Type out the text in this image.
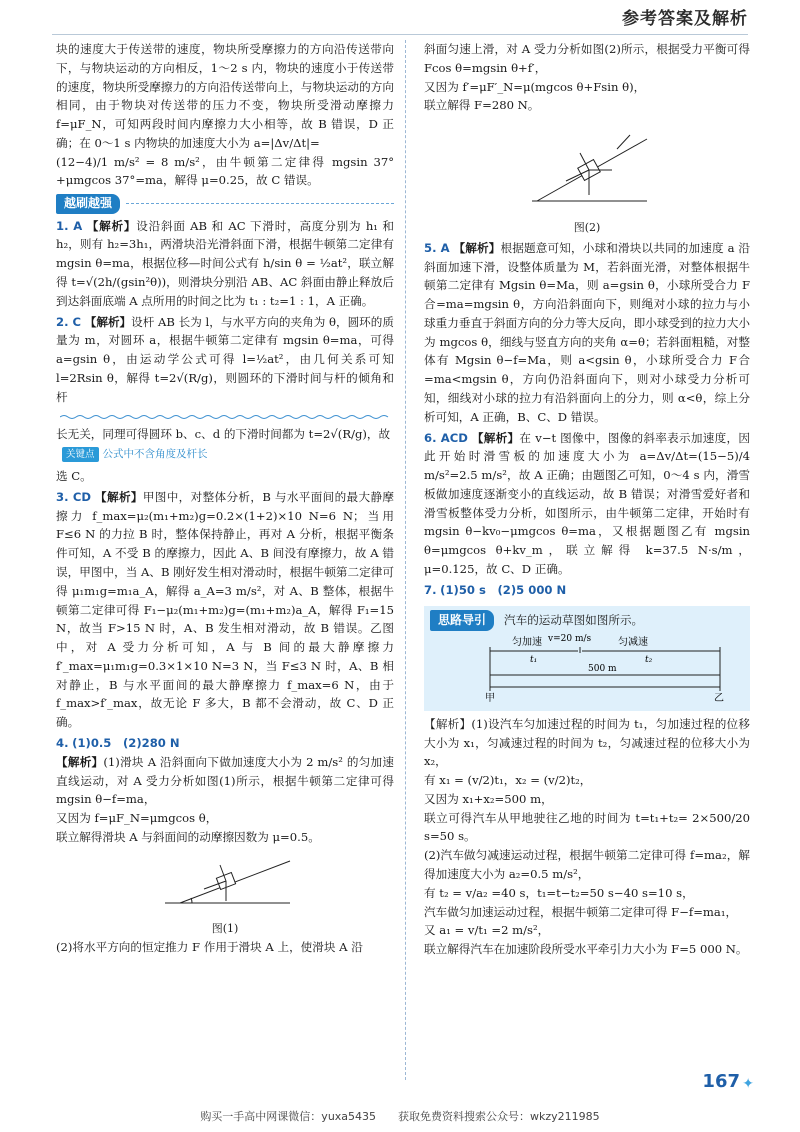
参考答案及解析

块的速度大于传送带的速度，物块所受摩擦力的方向沿传送带向下，与物块运动的方向相反，1～2 s 内，物块的速度小于传送带的速度，物块所受摩擦力的方向沿传送带向上，与物块运动的方向相同，由于物块对传送带的压力不变，物块所受滑动摩擦力 f=μF_N，可知两段时间内摩擦力大小相等，故 B 错误，D 正确；在 0～1 s 内物块的加速度大小为 a=|Δv/Δt|=

(12−4)/1 m/s² = 8 m/s²，由牛顿第二定律得 mgsin 37°+μmgcos 37°=ma，解得 μ=0.25，故 C 错误。

越刷越强

1. A 【解析】设沿斜面 AB 和 AC 下滑时，高度分别为 h₁ 和 h₂，则有 h₂=3h₁，两滑块沿光滑斜面下滑，根据牛顿第二定律有 mgsin θ=ma，根据位移—时间公式有 h/sin θ = ½at²，联立解得 t=√(2h/(gsin²θ))，则滑块分别沿 AB、AC 斜面由静止释放后到达斜面底端 A 点所用的时间之比为 t₁ : t₂=1 : 1，A 正确。

2. C 【解析】设杆 AB 长为 l，与水平方向的夹角为 θ，圆环的质量为 m，对圆环 a，根据牛顿第二定律有 mgsin θ=ma，可得 a=gsin θ，由运动学公式可得 l=½at²，由几何关系可知 l=2Rsin θ，解得 t=2√(R/g)，则圆环的下滑时间与杆的倾角和杆

长无关，同理可得圆环 b、c、d 的下滑时间都为 t=2√(R/g)，故

关键点 公式中不含角度及杆长

选 C。

3. CD 【解析】甲图中，对整体分析，B 与水平面间的最大静摩擦力 f_max=μ₂(m₁+m₂)g=0.2×(1+2)×10 N=6 N；当用 F≤6 N 的力拉 B 时，整体保持静止，再对 A 分析，根据平衡条件可知，A 不受 B 的摩擦力，因此 A、B 间没有摩擦力，故 A 错误，甲图中，当 A、B 刚好发生相对滑动时，根据牛顿第二定律可得 μ₁m₁g=m₁a_A，解得 a_A=3 m/s²，对 A、B 整体，根据牛顿第二定律可得 F₁−μ₂(m₁+m₂)g=(m₁+m₂)a_A，解得 F₁=15 N，故当 F>15 N 时，A、B 发生相对滑动，故 B 错误。乙图中，对 A 受力分析可知，A 与 B 间的最大静摩擦力 f′_max=μ₁m₁g=0.3×1×10 N=3 N，当 F≤3 N 时，A、B 相对静止，B 与水平面间的最大静摩擦力 f_max=6 N，由于 f_max>f′_max，故无论 F 多大，B 都不会滑动，故 C、D 正确。

4. (1)0.5　(2)280 N

【解析】(1)滑块 A 沿斜面向下做加速度大小为 2 m/s² 的匀加速直线运动，对 A 受力分析如图(1)所示，根据牛顿第二定律可得 mgsin θ−f=ma，

又因为 f=μF_N=μmgcos θ，

联立解得滑块 A 与斜面间的动摩擦因数为 μ=0.5。

图(1)

(2)将水平方向的恒定推力 F 作用于滑块 A 上，使滑块 A 沿

斜面匀速上滑，对 A 受力分析如图(2)所示，根据受力平衡可得 Fcos θ=mgsin θ+f′，

又因为 f′=μF′_N=μ(mgcos θ+Fsin θ)，

联立解得 F=280 N。

图(2)

5. A 【解析】根据题意可知，小球和滑块以共同的加速度 a 沿斜面加速下滑，设整体质量为 M，若斜面光滑，对整体根据牛顿第二定律有 Mgsin θ=Ma，则 a=gsin θ，小球所受合力 F合=ma=mgsin θ，方向沿斜面向下，则绳对小球的拉力与小球重力垂直于斜面方向的分力等大反向，即小球受到的拉力大小为 mgcos θ，细线与竖直方向的夹角 α=θ；若斜面粗糙，对整体有 Mgsin θ−f=Ma，则 a<gsin θ，小球所受合力 F合=ma<mgsin θ，方向仍沿斜面向下，则对小球受力分析可知，细线对小球的拉力有沿斜面向上的分力，则 α<θ，综上分析可知，A 正确，B、C、D 错误。

6. ACD 【解析】在 v−t 图像中，图像的斜率表示加速度，因此开始时滑雪板的加速度大小为 a=Δv/Δt=(15−5)/4 m/s²=2.5 m/s²，故 A 正确；由题图乙可知，0～4 s 内，滑雪板做加速度逐渐变小的直线运动，故 B 错误；对滑雪爱好者和滑雪板整体受力分析，如图所示，由牛顿第二定律，开始时有 mgsin θ−kv₀−μmgcos θ=ma，又根据题图乙有 mgsin θ=μmgcos θ+kv_m，联立解得 k=37.5 N·s/m，μ=0.125，故 C、D 正确。

7. (1)50 s　(2)5 000 N

思路导引	汽车的运动草图如图所示。
匀加速 v=20 m/s	匀减速
t₁	t₂
500 m
甲	乙

【解析】(1)设汽车匀加速过程的时间为 t₁，匀加速过程的位移大小为 x₁，匀减速过程的时间为 t₂，匀减速过程的位移大小为 x₂，

有 x₁ = (v/2)t₁，x₂ = (v/2)t₂，

又因为 x₁+x₂=500 m，

联立可得汽车从甲地驶往乙地的时间为 t=t₁+t₂= 2×500/20 s=50 s。

(2)汽车做匀减速运动过程，根据牛顿第二定律可得 f=ma₂，解得加速度大小为 a₂=0.5 m/s²，

有 t₂ = v/a₂ =40 s，t₁=t−t₂=50 s−40 s=10 s，

汽车做匀加速运动过程，根据牛顿第二定律可得 F−f=ma₁，

又 a₁ = v/t₁ =2 m/s²，

联立解得汽车在加速阶段所受水平牵引力大小为 F=5 000 N。

167 ✦
购买一手高中网课微信：yuxa5435　　获取免费资料搜索公众号：wkzy211985
